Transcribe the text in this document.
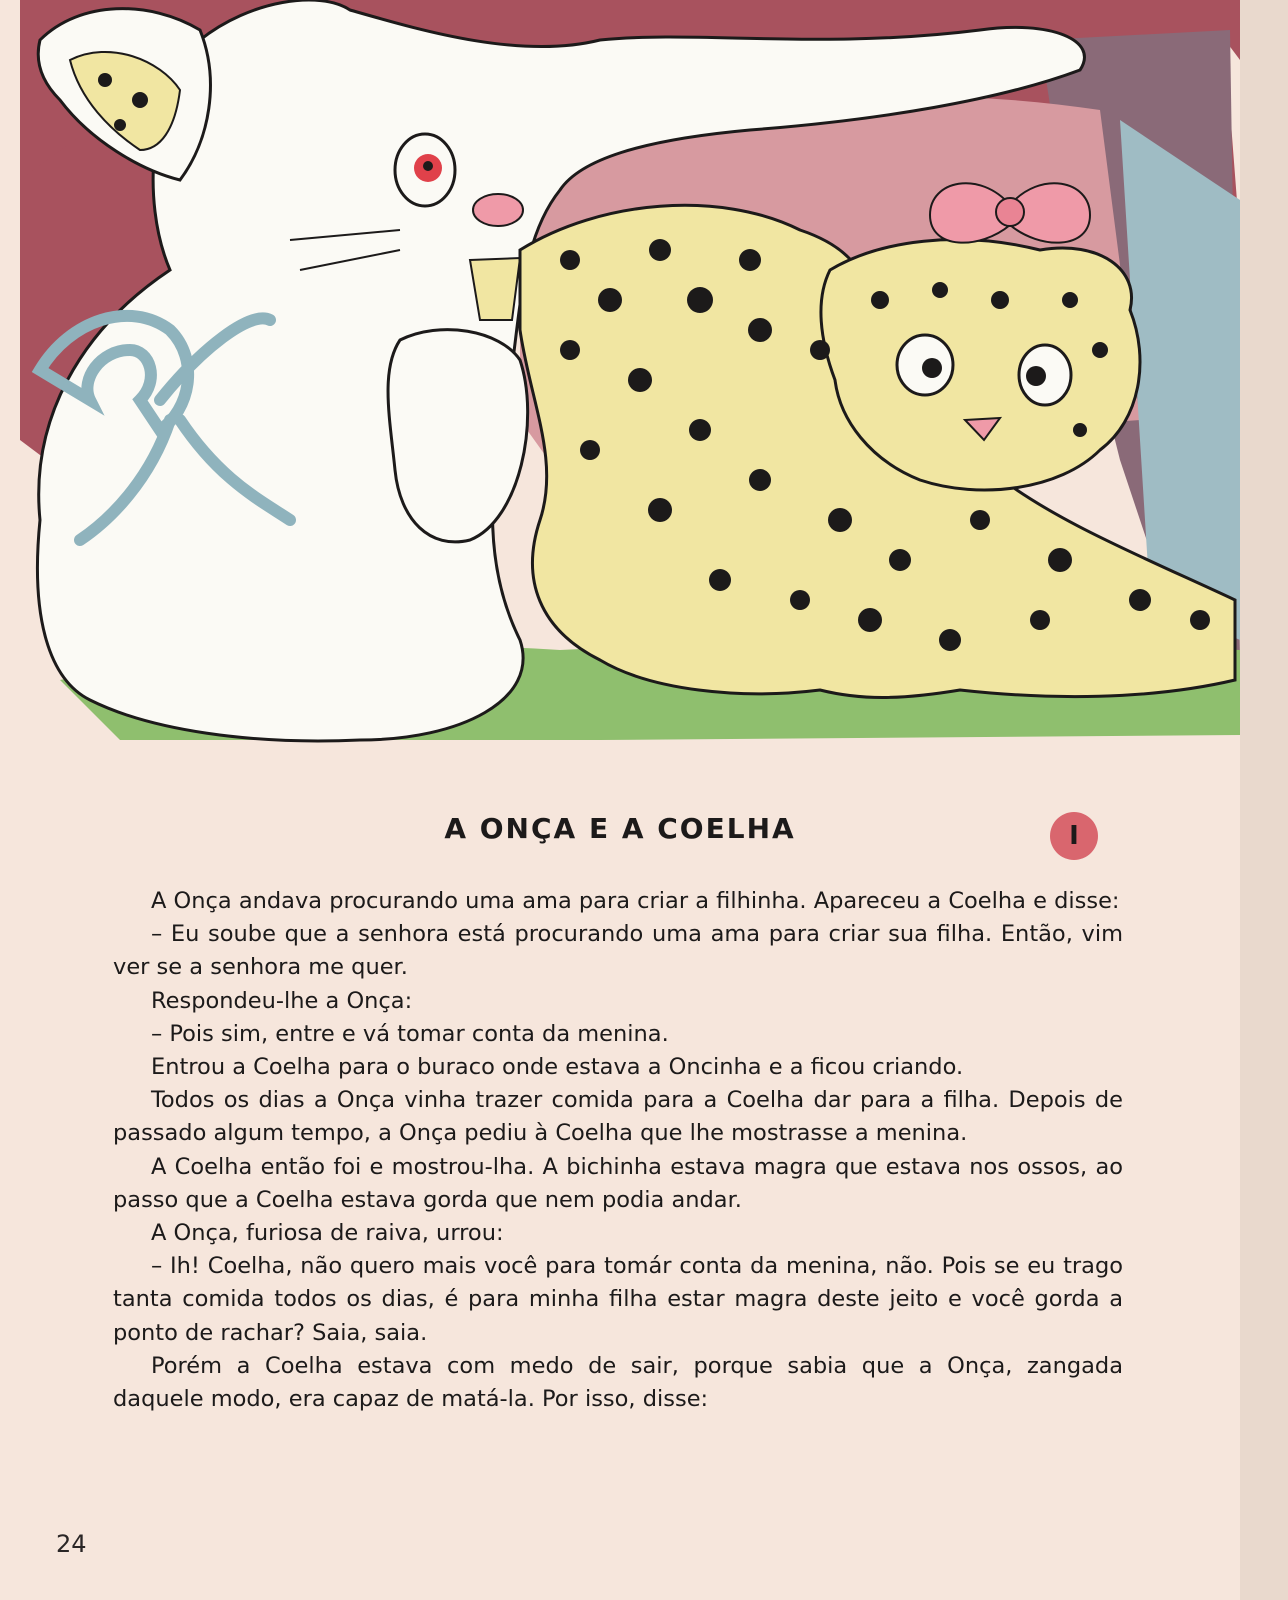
A ONÇA E A COELHA	I

A Onça andava procurando uma ama para criar a filhinha. Apareceu a Coelha e disse:

– Eu soube que a senhora está procurando uma ama para criar sua filha. Então, vim ver se a senhora me quer.

Respondeu-lhe a Onça:

– Pois sim, entre e vá tomar conta da menina.

Entrou a Coelha para o buraco onde estava a Oncinha e a ficou criando.

Todos os dias a Onça vinha trazer comida para a Coelha dar para a filha. Depois de passado algum tempo, a Onça pediu à Coelha que lhe mostrasse a menina.

A Coelha então foi e mostrou-lha. A bichinha estava magra que estava nos ossos, ao passo que a Coelha estava gorda que nem podia andar.

A Onça, furiosa de raiva, urrou:

– Ih! Coelha, não quero mais você para tomár conta da menina, não. Pois se eu trago tanta comida todos os dias, é para minha filha estar magra deste jeito e você gorda a ponto de rachar? Saia, saia.

Porém a Coelha estava com medo de sair, porque sabia que a Onça, zangada daquele modo, era capaz de matá-la. Por isso, disse:

24
